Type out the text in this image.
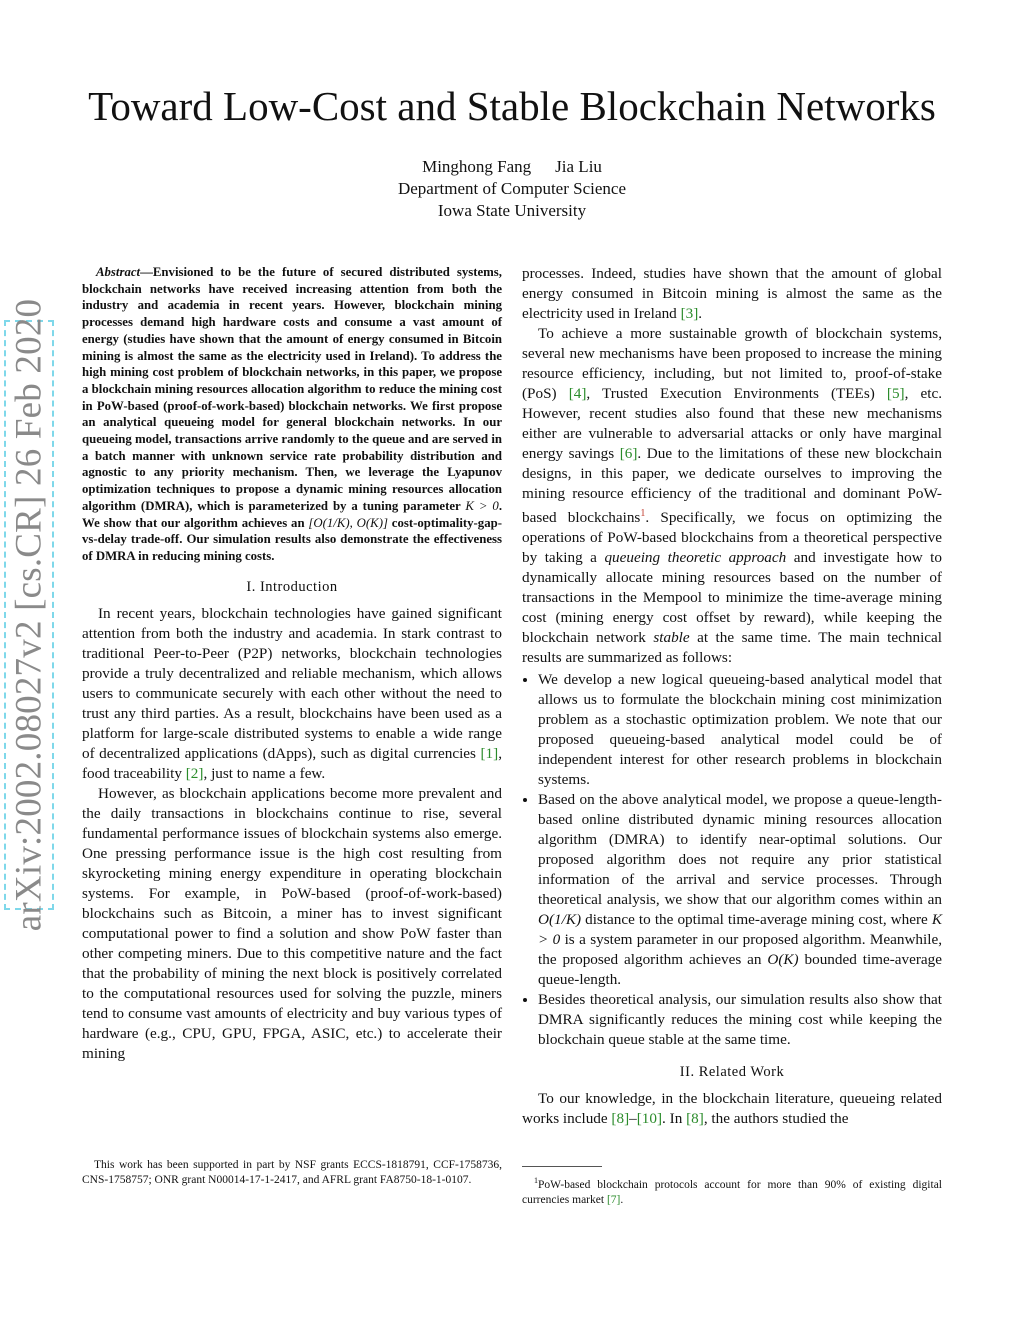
arXiv:2002.08027v2 [cs.CR] 26 Feb 2020
Toward Low-Cost and Stable Blockchain Networks
Minghong Fang Jia Liu
Department of Computer Science
Iowa State University

Abstract—Envisioned to be the future of secured distributed systems, blockchain networks have received increasing attention from both the industry and academia in recent years. However, blockchain mining processes demand high hardware costs and consume a vast amount of energy (studies have shown that the amount of energy consumed in Bitcoin mining is almost the same as the electricity used in Ireland). To address the high mining cost problem of blockchain networks, in this paper, we propose a blockchain mining resources allocation algorithm to reduce the mining cost in PoW-based (proof-of-work-based) blockchain networks. We first propose an analytical queueing model for general blockchain networks. In our queueing model, transactions arrive randomly to the queue and are served in a batch manner with unknown service rate probability distribution and agnostic to any priority mechanism. Then, we leverage the Lyapunov optimization techniques to propose a dynamic mining resources allocation algorithm (DMRA), which is parameterized by a tuning parameter K > 0. We show that our algorithm achieves an [O(1/K), O(K)] cost-optimality-gap-vs-delay trade-off. Our simulation results also demonstrate the effectiveness of DMRA in reducing mining costs.

I. Introduction

In recent years, blockchain technologies have gained significant attention from both the industry and academia. In stark contrast to traditional Peer-to-Peer (P2P) networks, blockchain technologies provide a truly decentralized and reliable mechanism, which allows users to communicate securely with each other without the need to trust any third parties. As a result, blockchains have been used as a platform for large-scale distributed systems to enable a wide range of decentralized applications (dApps), such as digital currencies [1], food traceability [2], just to name a few.

However, as blockchain applications become more prevalent and the daily transactions in blockchains continue to rise, several fundamental performance issues of blockchain systems also emerge. One pressing performance issue is the high cost resulting from skyrocketing mining energy expenditure in operating blockchain systems. For example, in PoW-based (proof-of-work-based) blockchains such as Bitcoin, a miner has to invest significant computational power to find a solution and show PoW faster than other competing miners. Due to this competitive nature and the fact that the probability of mining the next block is positively correlated to the computational resources used for solving the puzzle, miners tend to consume vast amounts of electricity and buy various types of hardware (e.g., CPU, GPU, FPGA, ASIC, etc.) to accelerate their mining

processes. Indeed, studies have shown that the amount of global energy consumed in Bitcoin mining is almost the same as the electricity used in Ireland [3].

To achieve a more sustainable growth of blockchain systems, several new mechanisms have been proposed to increase the mining resource efficiency, including, but not limited to, proof-of-stake (PoS) [4], Trusted Execution Environments (TEEs) [5], etc. However, recent studies also found that these new mechanisms either are vulnerable to adversarial attacks or only have marginal energy savings [6]. Due to the limitations of these new blockchain designs, in this paper, we dedicate ourselves to improving the mining resource efficiency of the traditional and dominant PoW-based blockchains$^1$. Specifically, we focus on optimizing the operations of PoW-based blockchains from a theoretical perspective by taking a queueing theoretic approach and investigate how to dynamically allocate mining resources based on the number of transactions in the Mempool to minimize the time-average mining cost (mining energy cost offset by reward), while keeping the blockchain network stable at the same time. The main technical results are summarized as follows:

• We develop a new logical queueing-based analytical model that allows us to formulate the blockchain mining cost minimization problem as a stochastic optimization problem. We note that our proposed queueing-based analytical model could be of independent interest for other research problems in blockchain systems.
• Based on the above analytical model, we propose a queue-length-based online distributed dynamic mining resources allocation algorithm (DMRA) to identify near-optimal solutions. Our proposed algorithm does not require any prior statistical information of the arrival and service processes. Through theoretical analysis, we show that our algorithm comes within an O(1/K) distance to the optimal time-average mining cost, where K > 0 is a system parameter in our proposed algorithm. Meanwhile, the proposed algorithm achieves an O(K) bounded time-average queue-length.
• Besides theoretical analysis, our simulation results also show that DMRA significantly reduces the mining cost while keeping the blockchain queue stable at the same time.
II. Related Work

To our knowledge, in the blockchain literature, queueing related works include [8]–[10]. In [8], the authors studied the

This work has been supported in part by NSF grants ECCS-1818791, CCF-1758736, CNS-1758757; ONR grant N00014-17-1-2417, and AFRL grant FA8750-18-1-0107.	$^1$PoW-based blockchain protocols account for more than 90% of existing digital currencies market [7].
